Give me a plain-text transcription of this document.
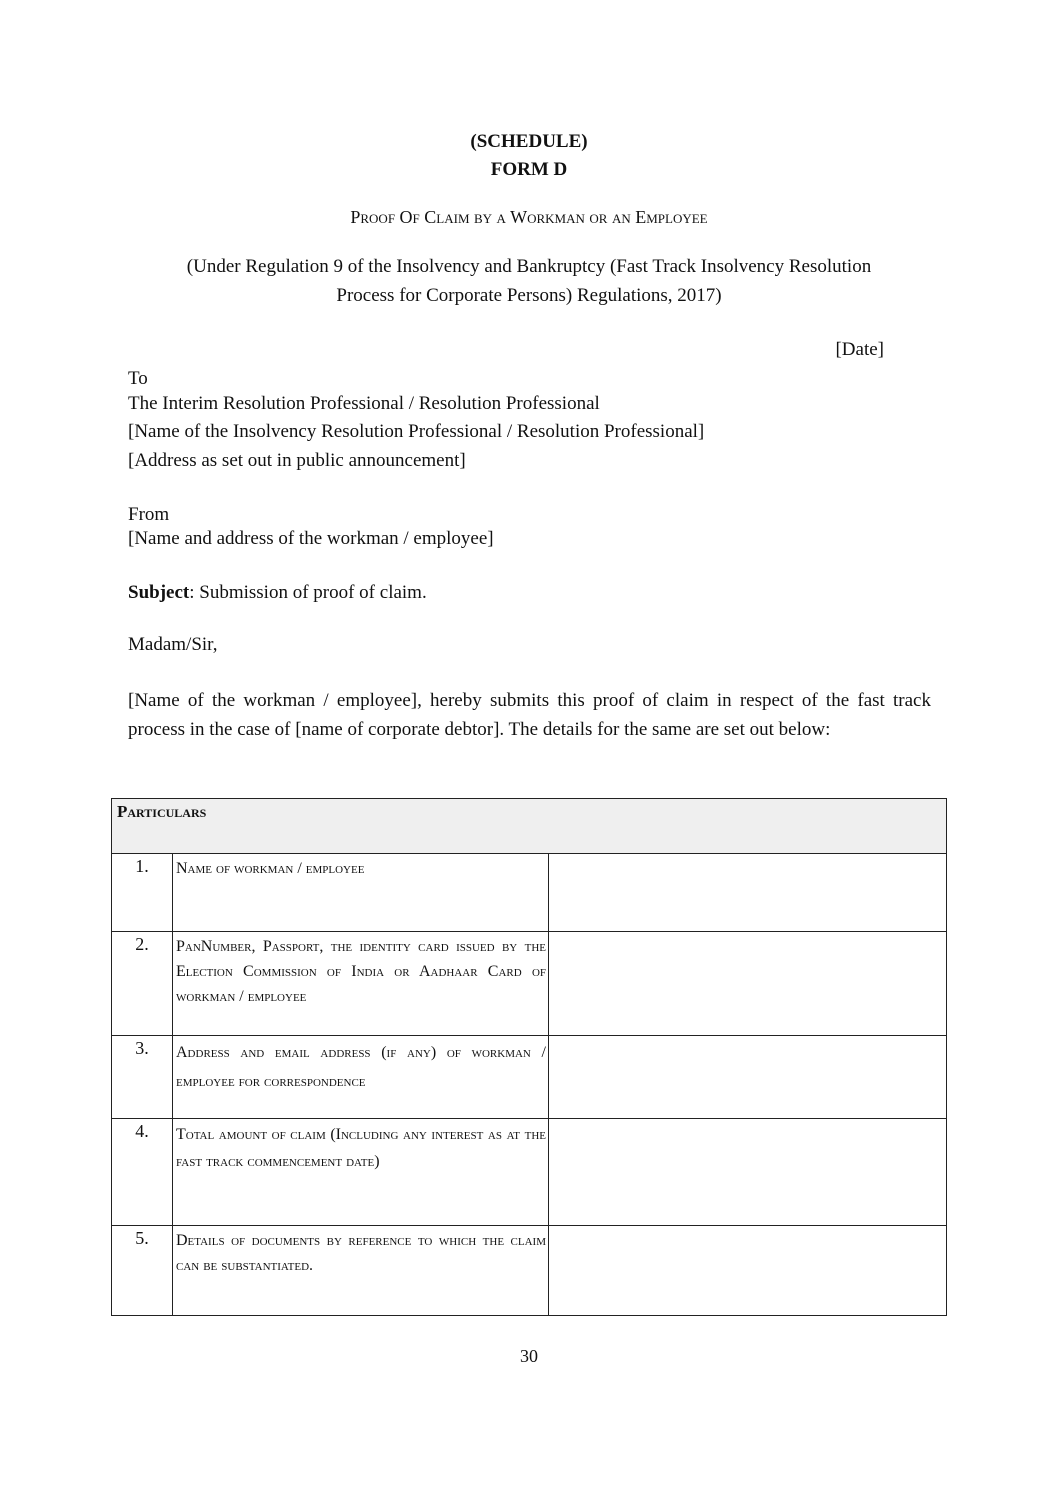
(SCHEDULE)
FORM D
Proof Of Claim by a Workman or an Employee
(Under Regulation 9 of the Insolvency and Bankruptcy (Fast Track Insolvency Resolution
Process for Corporate Persons) Regulations, 2017)
[Date]
To
The Interim Resolution Professional / Resolution Professional
[Name of the Insolvency Resolution Professional / Resolution Professional]
[Address as set out in public announcement]
From
[Name and address of the workman / employee]
Subject: Submission of proof of claim.
Madam/Sir,
[Name of the workman / employee], hereby submits this proof of claim in respect of the fast track process in the case of [name of corporate debtor]. The details for the same are set out below:
Particulars		
1.	Name of workman / employee	
2.	PanNumber, Passport, the identity card issued by the Election Commission of India or Aadhaar Card of workman / employee	
3.	Address and email address (if any) of workman / employee for correspondence	
4.	Total amount of claim (Including any interest as at the fast track commencement date)	
5.	Details of documents by reference to which the claim can be substantiated.	
30
